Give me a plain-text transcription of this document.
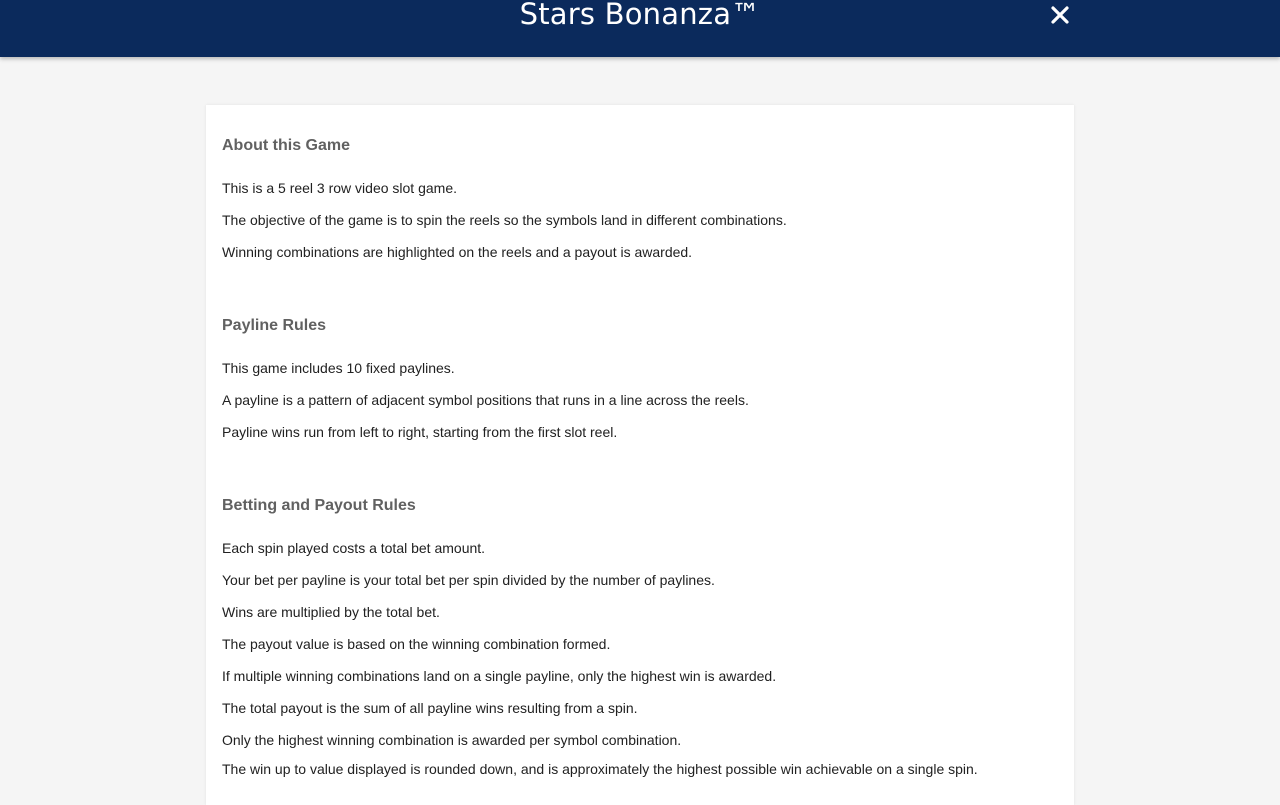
Stars Bonanza™
About this Game

This is a 5 reel 3 row video slot game.

The objective of the game is to spin the reels so the symbols land in different combinations.

Winning combinations are highlighted on the reels and a payout is awarded.

Payline Rules

This game includes 10 fixed paylines.

A payline is a pattern of adjacent symbol positions that runs in a line across the reels.

Payline wins run from left to right, starting from the first slot reel.

Betting and Payout Rules

Each spin played costs a total bet amount.

Your bet per payline is your total bet per spin divided by the number of paylines.

Wins are multiplied by the total bet.

The payout value is based on the winning combination formed.

If multiple winning combinations land on a single payline, only the highest win is awarded.

The total payout is the sum of all payline wins resulting from a spin.

Only the highest winning combination is awarded per symbol combination.

The win up to value displayed is rounded down, and is approximately the highest possible win achievable on a single spin.
